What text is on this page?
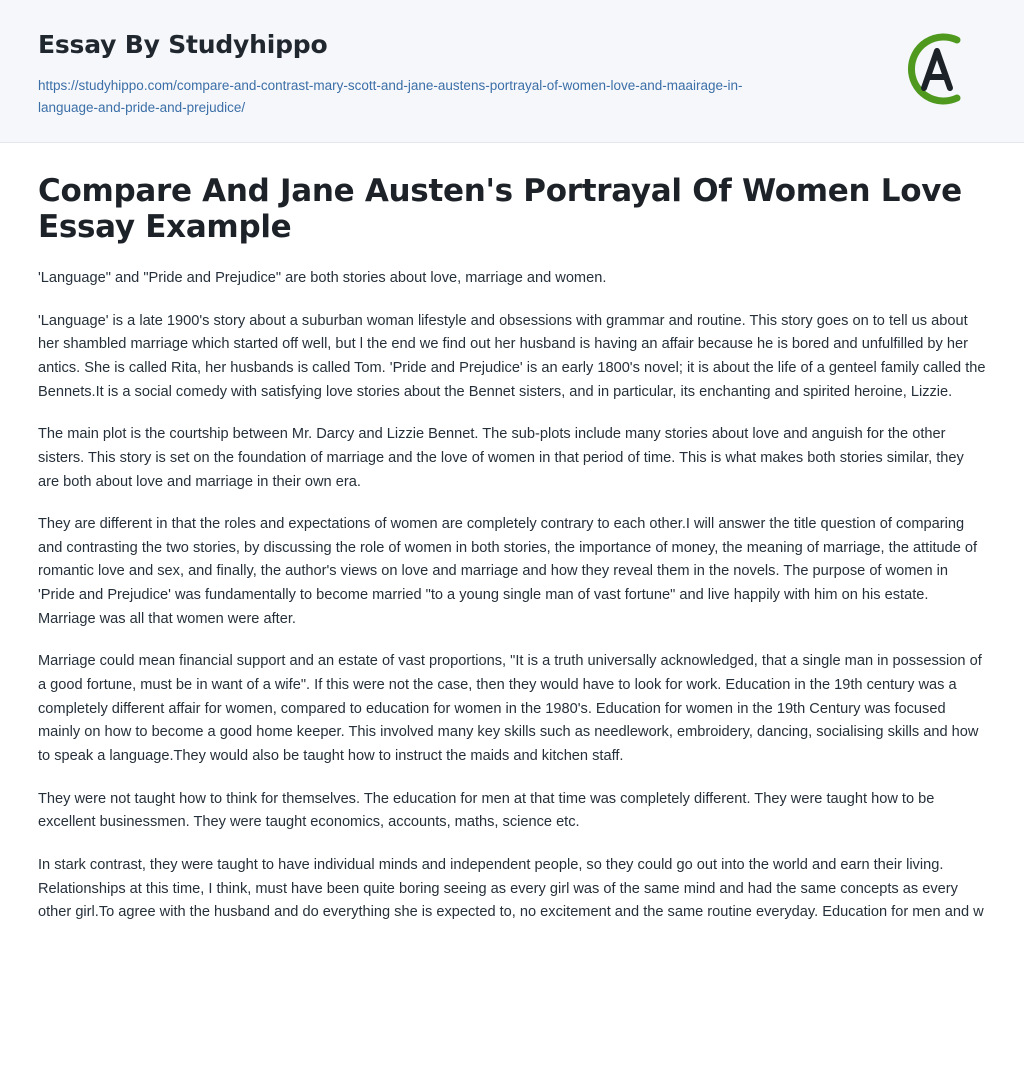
Essay By Studyhippo
https://studyhippo.com/compare-and-contrast-mary-scott-and-jane-austens-portrayal-of-women-love-and-maairage-in-language-and-pride-and-prejudice/
Compare And Jane Austen's Portrayal Of Women Love Essay Example

'Language" and "Pride and Prejudice" are both stories about love, marriage and women.

'Language' is a late 1900's story about a suburban woman lifestyle and obsessions with grammar and routine. This story goes on to tell us about her shambled marriage which started off well, but l the end we find out her husband is having an affair because he is bored and unfulfilled by her antics. She is called Rita, her husbands is called Tom. 'Pride and Prejudice' is an early 1800's novel; it is about the life of a genteel family called the Bennets.It is a social comedy with satisfying love stories about the Bennet sisters, and in particular, its enchanting and spirited heroine, Lizzie.

The main plot is the courtship between Mr. Darcy and Lizzie Bennet. The sub-plots include many stories about love and anguish for the other sisters. This story is set on the foundation of marriage and the love of women in that period of time. This is what makes both stories similar, they are both about love and marriage in their own era.

They are different in that the roles and expectations of women are completely contrary to each other.I will answer the title question of comparing and contrasting the two stories, by discussing the role of women in both stories, the importance of money, the meaning of marriage, the attitude of romantic love and sex, and finally, the author's views on love and marriage and how they reveal them in the novels. The purpose of women in 'Pride and Prejudice' was fundamentally to become married "to a young single man of vast fortune" and live happily with him on his estate. Marriage was all that women were after.

Marriage could mean financial support and an estate of vast proportions, "It is a truth universally acknowledged, that a single man in possession of a good fortune, must be in want of a wife". If this were not the case, then they would have to look for work. Education in the 19th century was a completely different affair for women, compared to education for women in the 1980's. Education for women in the 19th Century was focused mainly on how to become a good home keeper. This involved many key skills such as needlework, embroidery, dancing, socialising skills and how to speak a language.They would also be taught how to instruct the maids and kitchen staff.

They were not taught how to think for themselves. The education for men at that time was completely different. They were taught how to be excellent businessmen. They were taught economics, accounts, maths, science etc.

In stark contrast, they were taught to have individual minds and independent people, so they could go out into the world and earn their living. Relationships at this time, I think, must have been quite boring seeing as every girl was of the same mind and had the same concepts as every other girl.To agree with the husband and do everything she is expected to, no excitement and the same routine everyday. Education for men and w
